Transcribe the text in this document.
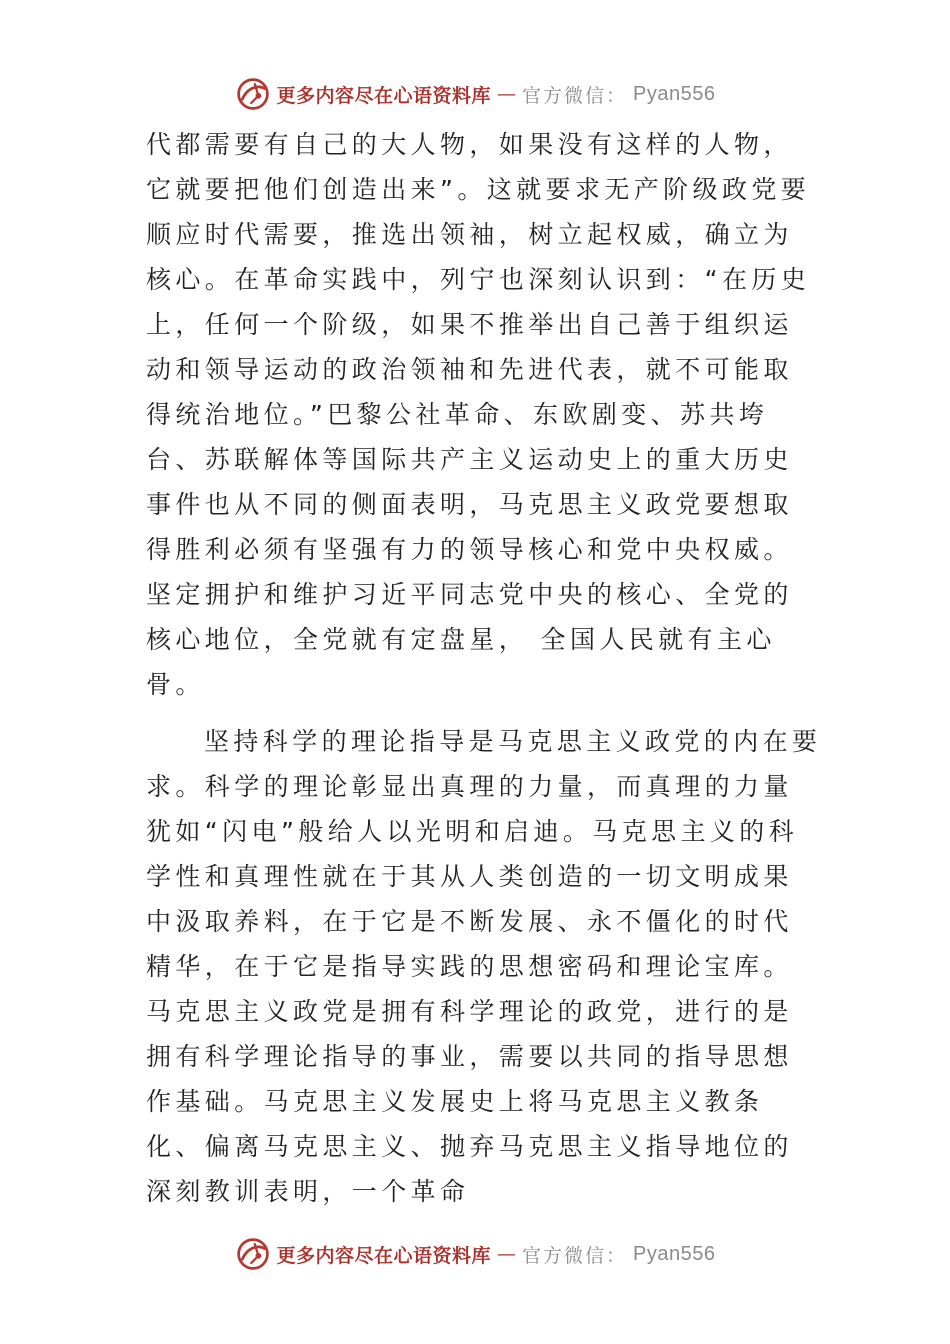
更多内容尽在心语资料库 — 官方微信： Pyan556

代都需要有自己的大人物，如果没有这样的人物，它就要把他们创造出来”。这就要求无产阶级政党要顺应时代需要，推选出领袖，树立起权威，确立为核心。在革命实践中，列宁也深刻认识到：“在历史上，任何一个阶级，如果不推举出自己善于组织运动和领导运动的政治领袖和先进代表，就不可能取得统治地位。”巴黎公社革命、东欧剧变、苏共垮台、苏联解体等国际共产主义运动史上的重大历史事件也从不同的侧面表明，马克思主义政党要想取得胜利必须有坚强有力的领导核心和党中央权威。坚定拥护和维护习近平同志党中央的核心、全党的核心地位，全党就有定盘星， 全国人民就有主心骨。

坚持科学的理论指导是马克思主义政党的内在要求。科学的理论彰显出真理的力量，而真理的力量犹如“闪电”般给人以光明和启迪。马克思主义的科学性和真理性就在于其从人类创造的一切文明成果中汲取养料，在于它是不断发展、永不僵化的时代精华，在于它是指导实践的思想密码和理论宝库。马克思主义政党是拥有科学理论的政党，进行的是拥有科学理论指导的事业，需要以共同的指导思想作基础。马克思主义发展史上将马克思主义教条化、偏离马克思主义、抛弃马克思主义指导地位的深刻教训表明，一个革命

更多内容尽在心语资料库 — 官方微信： Pyan556
